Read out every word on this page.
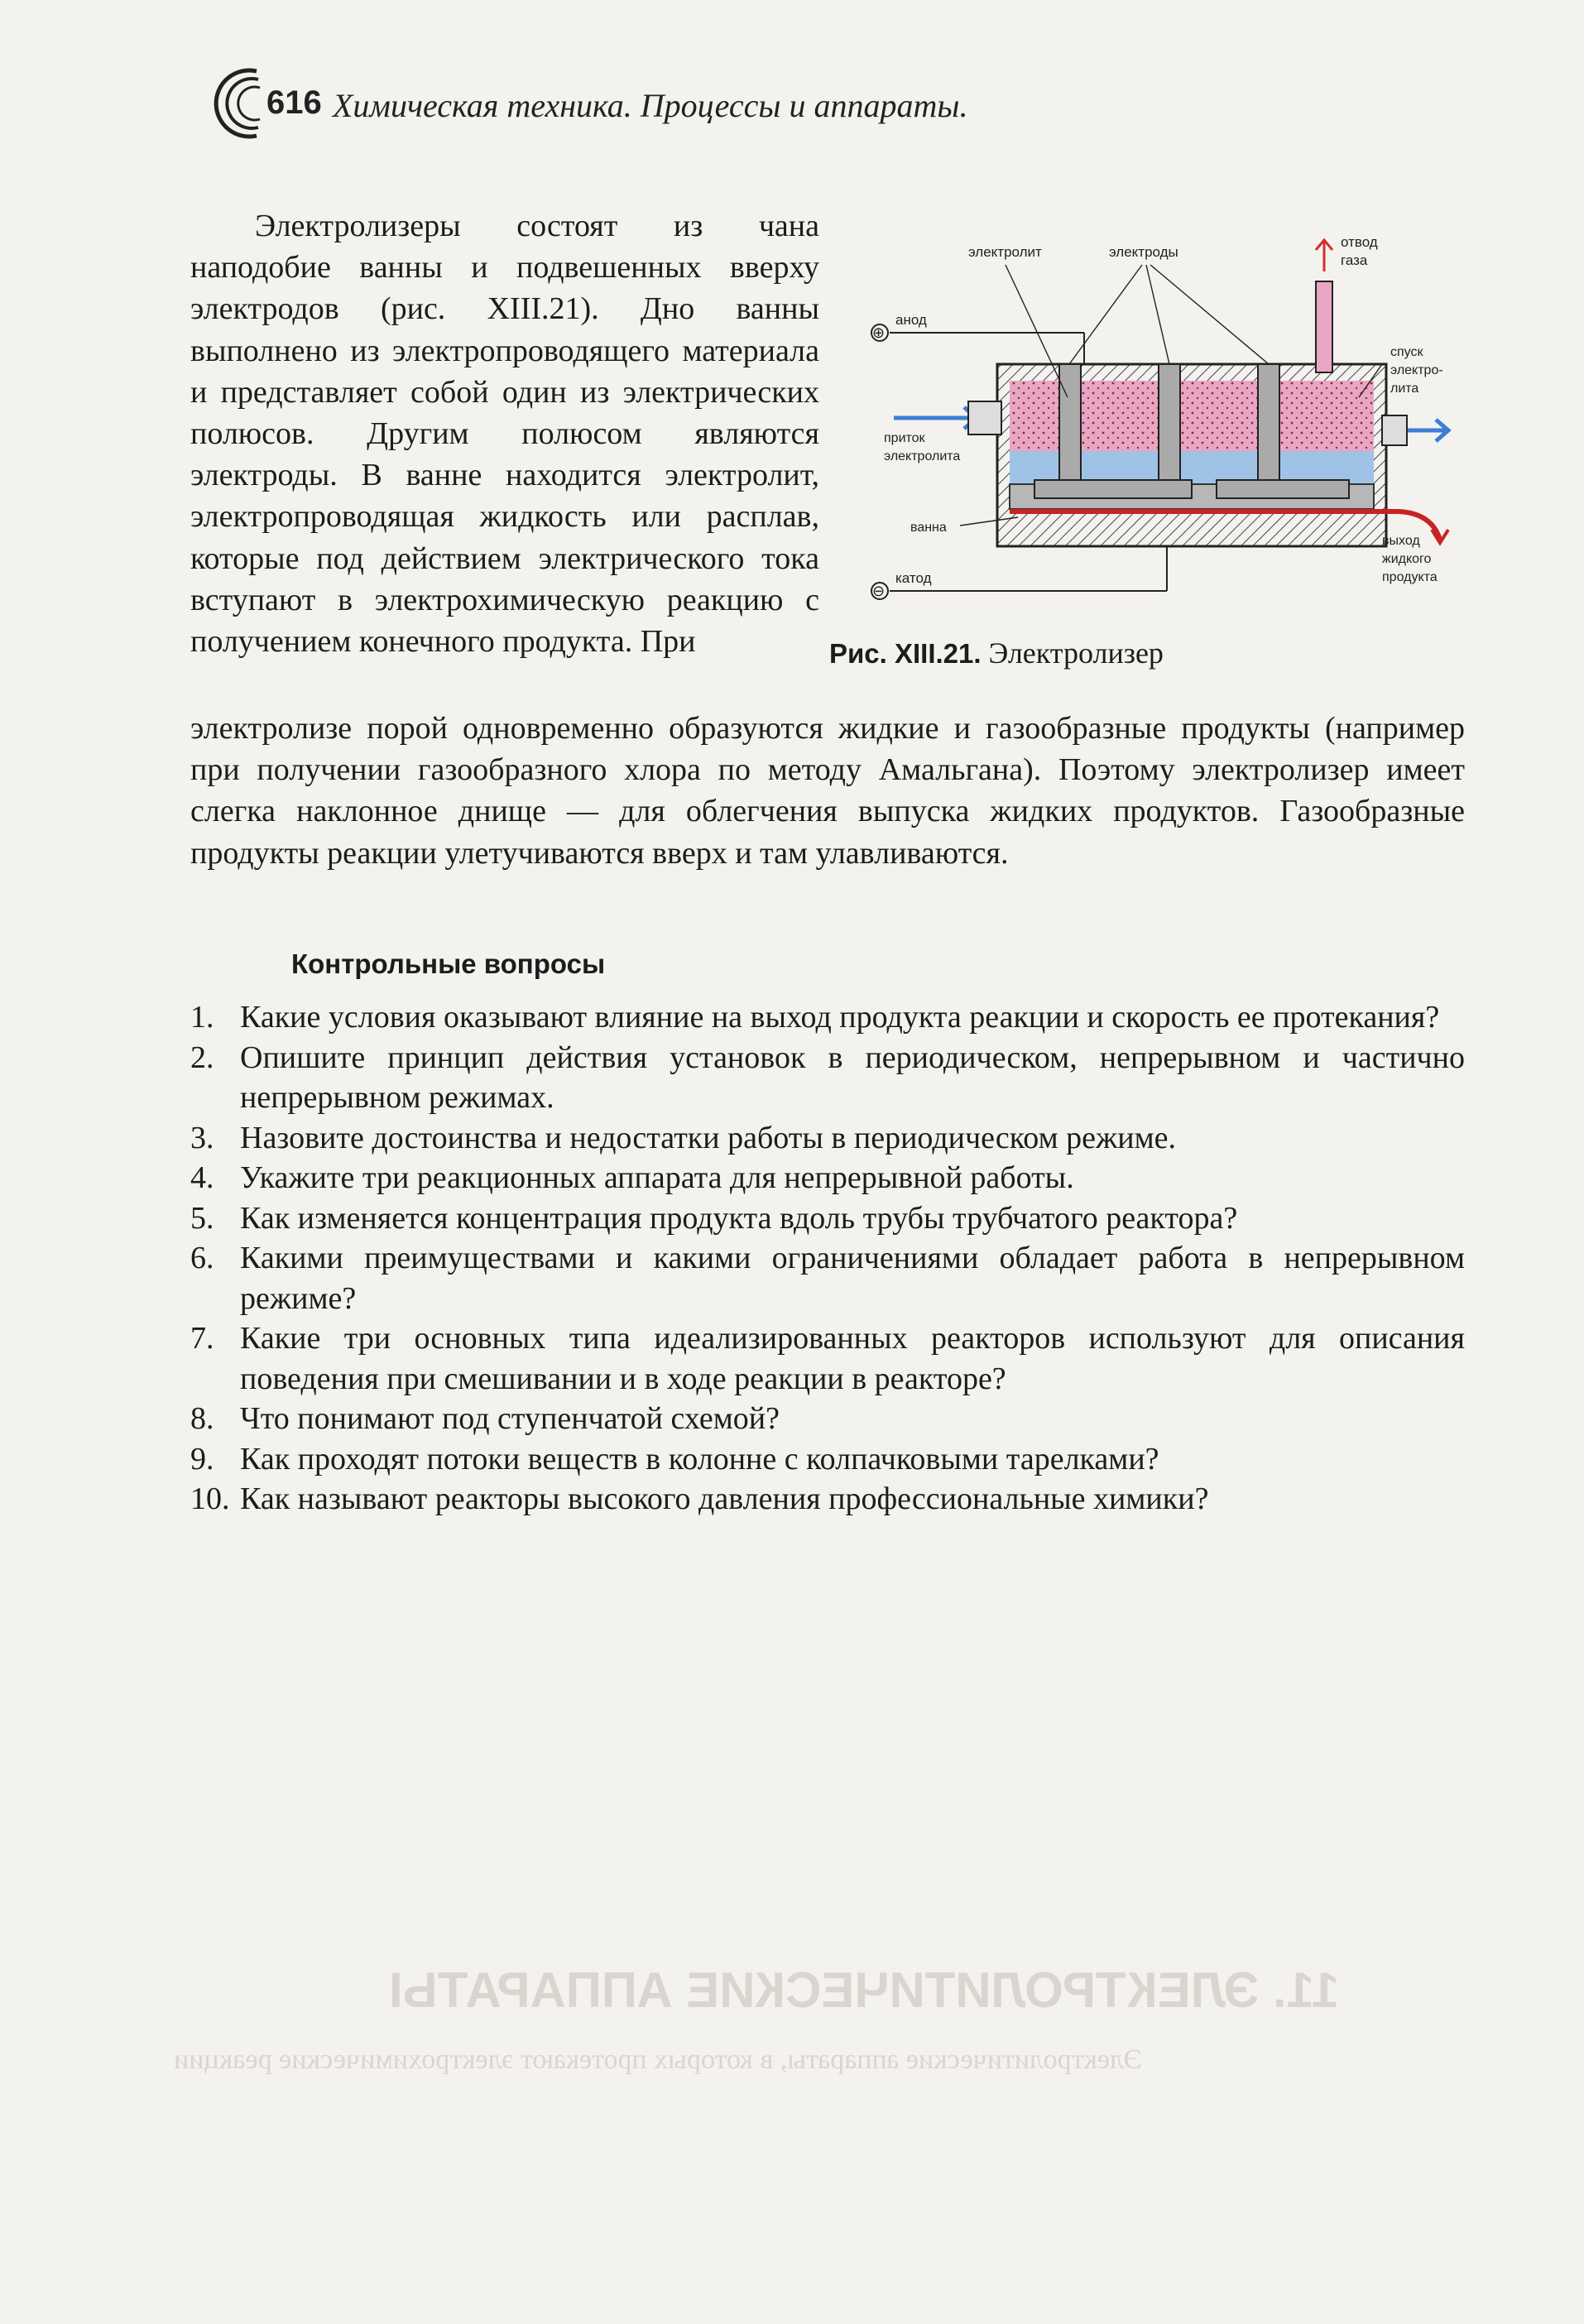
11. ЭЛЕКТРОЛИТИЧЕСКИЕ АППАРАТЫ
Электролитические аппараты, в которых протекают электрохимические реакции
616 Химическая техника. Процессы и аппараты.

Электролизеры состоят из чана наподобие ванны и подвешенных вверху электродов (рис. XIII.21). Дно ванны выполнено из электропроводящего материала и представляет собой один из электрических полюсов. Другим полюсом являются электроды. В ванне находится электролит, электропроводящая жидкость или расплав, которые под действием электрического тока вступают в электрохимическую реакцию с получением конечного продукта. При

электролит	электроды
отвод
газа
⊕
анод
спуск
электро-
лита
приток
электролита
ванна
выход
жидкого
продукта
⊖
катод
Рис. XIII.21. Электролизер

электролизе порой одновременно образуются жидкие и газообразные продукты (например при получении газообразного хлора по методу Амальгана). Поэтому электролизер имеет слегка наклонное днище — для облегчения выпуска жидких продуктов. Газообразные продукты реакции улетучиваются вверх и там улавливаются.

Контрольные вопросы
1. Какие условия оказывают влияние на выход продукта реакции и скорость ее протекания?
2. Опишите принцип действия установок в периодическом, непрерывном и частично непрерывном режимах.
3. Назовите достоинства и недостатки работы в периодическом режиме.
4. Укажите три реакционных аппарата для непрерывной работы.
5. Как изменяется концентрация продукта вдоль трубы трубчатого реактора?
6. Какими преимуществами и какими ограничениями обладает работа в непрерывном режиме?
7. Какие три основных типа идеализированных реакторов используют для описания поведения при смешивании и в ходе реакции в реакторе?
8. Что понимают под ступенчатой схемой?
9. Как проходят потоки веществ в колонне с колпачковыми тарелками?
10. Как называют реакторы высокого давления профессиональные химики?
